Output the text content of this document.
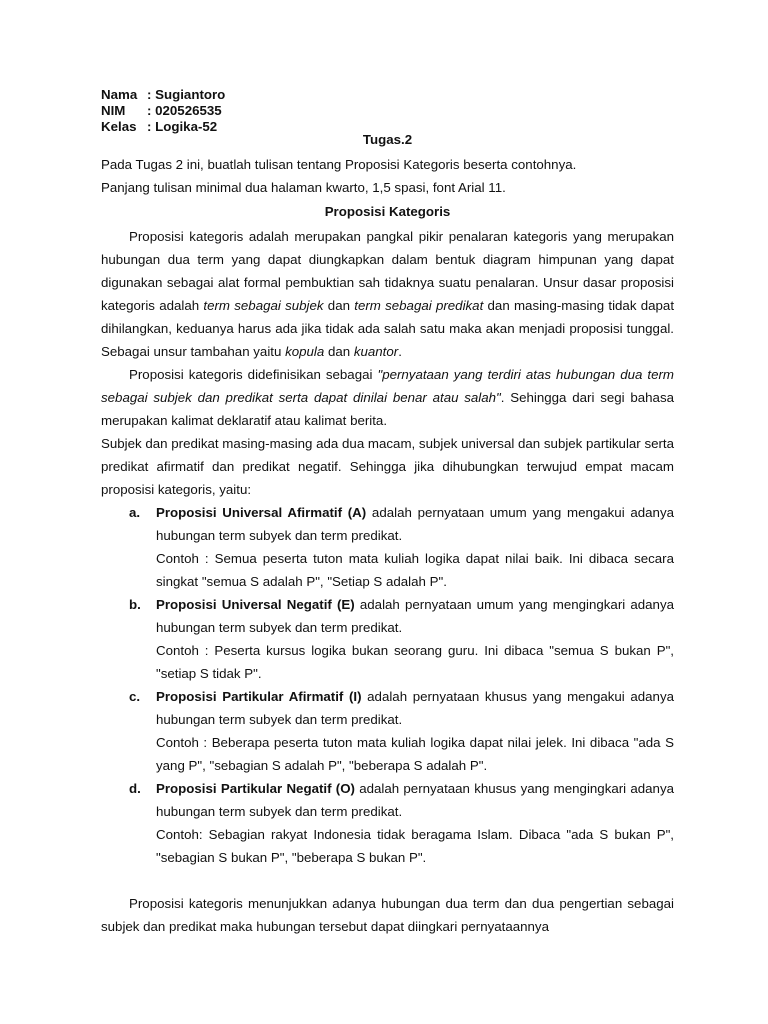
Nama : Sugiantoro
NIM	: 020526535
Kelas : Logika-52
Tugas.2

Pada Tugas 2 ini, buatlah tulisan tentang Proposisi Kategoris beserta contohnya.

Panjang tulisan minimal dua halaman kwarto, 1,5 spasi, font Arial 11.

Proposisi Kategoris

Proposisi kategoris adalah merupakan pangkal pikir penalaran kategoris yang merupakan hubungan dua term yang dapat diungkapkan dalam bentuk diagram himpunan yang dapat digunakan sebagai alat formal pembuktian sah tidaknya suatu penalaran. Unsur dasar proposisi kategoris adalah term sebagai subjek dan term sebagai predikat dan masing-masing tidak dapat dihilangkan, keduanya harus ada jika tidak ada salah satu maka akan menjadi proposisi tunggal. Sebagai unsur tambahan yaitu kopula dan kuantor.

Proposisi kategoris didefinisikan sebagai "pernyataan yang terdiri atas hubungan dua term sebagai subjek dan predikat serta dapat dinilai benar atau salah". Sehingga dari segi bahasa merupakan kalimat deklaratif atau kalimat berita.

Subjek dan predikat masing-masing ada dua macam, subjek universal dan subjek partikular serta predikat afirmatif dan predikat negatif. Sehingga jika dihubungkan terwujud empat macam proposisi kategoris, yaitu:

a.	Proposisi Universal Afirmatif (A) adalah pernyataan umum yang mengakui adanya hubungan term subyek dan term predikat.

Contoh : Semua peserta tuton mata kuliah logika dapat nilai baik. Ini dibaca secara singkat "semua S adalah P", "Setiap S adalah P".

b.	Proposisi Universal Negatif (E) adalah pernyataan umum yang mengingkari adanya hubungan term subyek dan term predikat.

Contoh : Peserta kursus logika bukan seorang guru. Ini dibaca "semua S bukan P", "setiap S tidak P".

c.	Proposisi Partikular Afirmatif (I) adalah pernyataan khusus yang mengakui adanya hubungan term subyek dan term predikat.

Contoh : Beberapa peserta tuton mata kuliah logika dapat nilai jelek. Ini dibaca "ada S yang P", "sebagian S adalah P", "beberapa S adalah P".

d.	Proposisi Partikular Negatif (O) adalah pernyataan khusus yang mengingkari adanya hubungan term subyek dan term predikat.

Contoh: Sebagian rakyat Indonesia tidak beragama Islam. Dibaca "ada S bukan P", "sebagian S bukan P", "beberapa S bukan P".

Proposisi kategoris menunjukkan adanya hubungan dua term dan dua pengertian sebagai subjek dan predikat maka hubungan tersebut dapat diingkari pernyataannya
